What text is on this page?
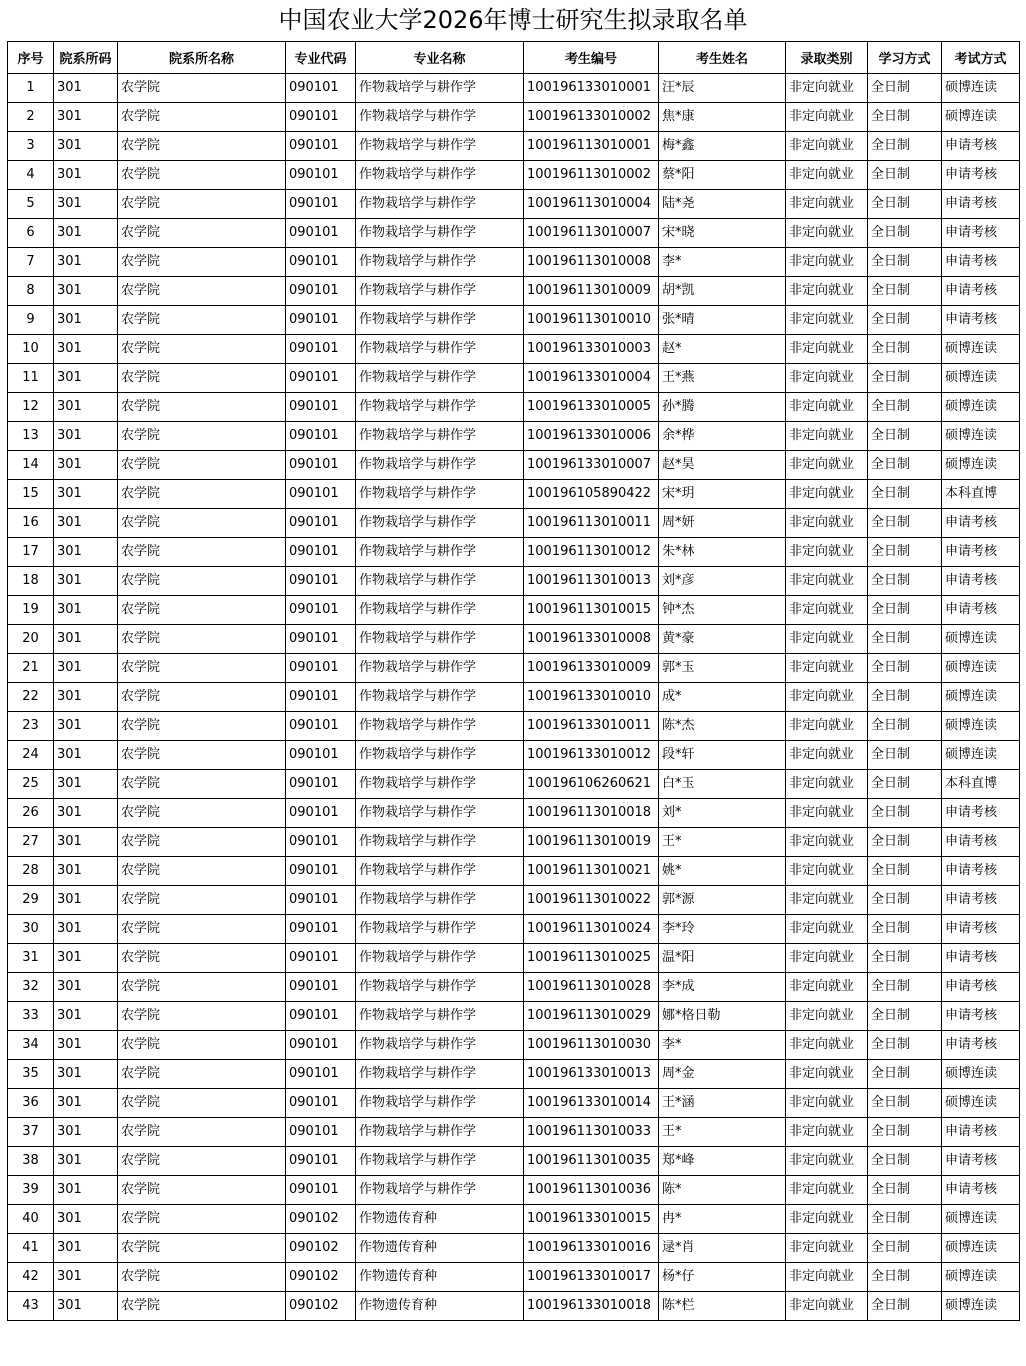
中国农业大学2026年博士研究生拟录取名单
序号	院系所码	院系所名称	专业代码	专业名称	考生编号	考生姓名	录取类别	学习方式	考试方式
1	301	农学院	090101	作物栽培学与耕作学	100196133010001	汪*辰	非定向就业	全日制	硕博连读
2	301	农学院	090101	作物栽培学与耕作学	100196133010002	焦*康	非定向就业	全日制	硕博连读
3	301	农学院	090101	作物栽培学与耕作学	100196113010001	梅*鑫	非定向就业	全日制	申请考核
4	301	农学院	090101	作物栽培学与耕作学	100196113010002	蔡*阳	非定向就业	全日制	申请考核
5	301	农学院	090101	作物栽培学与耕作学	100196113010004	陆*尧	非定向就业	全日制	申请考核
6	301	农学院	090101	作物栽培学与耕作学	100196113010007	宋*晓	非定向就业	全日制	申请考核
7	301	农学院	090101	作物栽培学与耕作学	100196113010008	李*	非定向就业	全日制	申请考核
8	301	农学院	090101	作物栽培学与耕作学	100196113010009	胡*凯	非定向就业	全日制	申请考核
9	301	农学院	090101	作物栽培学与耕作学	100196113010010	张*晴	非定向就业	全日制	申请考核
10	301	农学院	090101	作物栽培学与耕作学	100196133010003	赵*	非定向就业	全日制	硕博连读
11	301	农学院	090101	作物栽培学与耕作学	100196133010004	王*燕	非定向就业	全日制	硕博连读
12	301	农学院	090101	作物栽培学与耕作学	100196133010005	孙*腾	非定向就业	全日制	硕博连读
13	301	农学院	090101	作物栽培学与耕作学	100196133010006	余*桦	非定向就业	全日制	硕博连读
14	301	农学院	090101	作物栽培学与耕作学	100196133010007	赵*昊	非定向就业	全日制	硕博连读
15	301	农学院	090101	作物栽培学与耕作学	100196105890422	宋*玥	非定向就业	全日制	本科直博
16	301	农学院	090101	作物栽培学与耕作学	100196113010011	周*妍	非定向就业	全日制	申请考核
17	301	农学院	090101	作物栽培学与耕作学	100196113010012	朱*林	非定向就业	全日制	申请考核
18	301	农学院	090101	作物栽培学与耕作学	100196113010013	刘*彦	非定向就业	全日制	申请考核
19	301	农学院	090101	作物栽培学与耕作学	100196113010015	钟*杰	非定向就业	全日制	申请考核
20	301	农学院	090101	作物栽培学与耕作学	100196133010008	黄*豪	非定向就业	全日制	硕博连读
21	301	农学院	090101	作物栽培学与耕作学	100196133010009	郭*玉	非定向就业	全日制	硕博连读
22	301	农学院	090101	作物栽培学与耕作学	100196133010010	成*	非定向就业	全日制	硕博连读
23	301	农学院	090101	作物栽培学与耕作学	100196133010011	陈*杰	非定向就业	全日制	硕博连读
24	301	农学院	090101	作物栽培学与耕作学	100196133010012	段*轩	非定向就业	全日制	硕博连读
25	301	农学院	090101	作物栽培学与耕作学	100196106260621	白*玉	非定向就业	全日制	本科直博
26	301	农学院	090101	作物栽培学与耕作学	100196113010018	刘*	非定向就业	全日制	申请考核
27	301	农学院	090101	作物栽培学与耕作学	100196113010019	王*	非定向就业	全日制	申请考核
28	301	农学院	090101	作物栽培学与耕作学	100196113010021	姚*	非定向就业	全日制	申请考核
29	301	农学院	090101	作物栽培学与耕作学	100196113010022	郭*源	非定向就业	全日制	申请考核
30	301	农学院	090101	作物栽培学与耕作学	100196113010024	李*玲	非定向就业	全日制	申请考核
31	301	农学院	090101	作物栽培学与耕作学	100196113010025	温*阳	非定向就业	全日制	申请考核
32	301	农学院	090101	作物栽培学与耕作学	100196113010028	李*成	非定向就业	全日制	申请考核
33	301	农学院	090101	作物栽培学与耕作学	100196113010029	娜*格日勒	非定向就业	全日制	申请考核
34	301	农学院	090101	作物栽培学与耕作学	100196113010030	李*	非定向就业	全日制	申请考核
35	301	农学院	090101	作物栽培学与耕作学	100196133010013	周*金	非定向就业	全日制	硕博连读
36	301	农学院	090101	作物栽培学与耕作学	100196133010014	王*涵	非定向就业	全日制	硕博连读
37	301	农学院	090101	作物栽培学与耕作学	100196113010033	王*	非定向就业	全日制	申请考核
38	301	农学院	090101	作物栽培学与耕作学	100196113010035	郑*峰	非定向就业	全日制	申请考核
39	301	农学院	090101	作物栽培学与耕作学	100196113010036	陈*	非定向就业	全日制	申请考核
40	301	农学院	090102	作物遗传育种	100196133010015	冉*	非定向就业	全日制	硕博连读
41	301	农学院	090102	作物遗传育种	100196133010016	逯*肖	非定向就业	全日制	硕博连读
42	301	农学院	090102	作物遗传育种	100196133010017	杨*仔	非定向就业	全日制	硕博连读
43	301	农学院	090102	作物遗传育种	100196133010018	陈*栏	非定向就业	全日制	硕博连读
